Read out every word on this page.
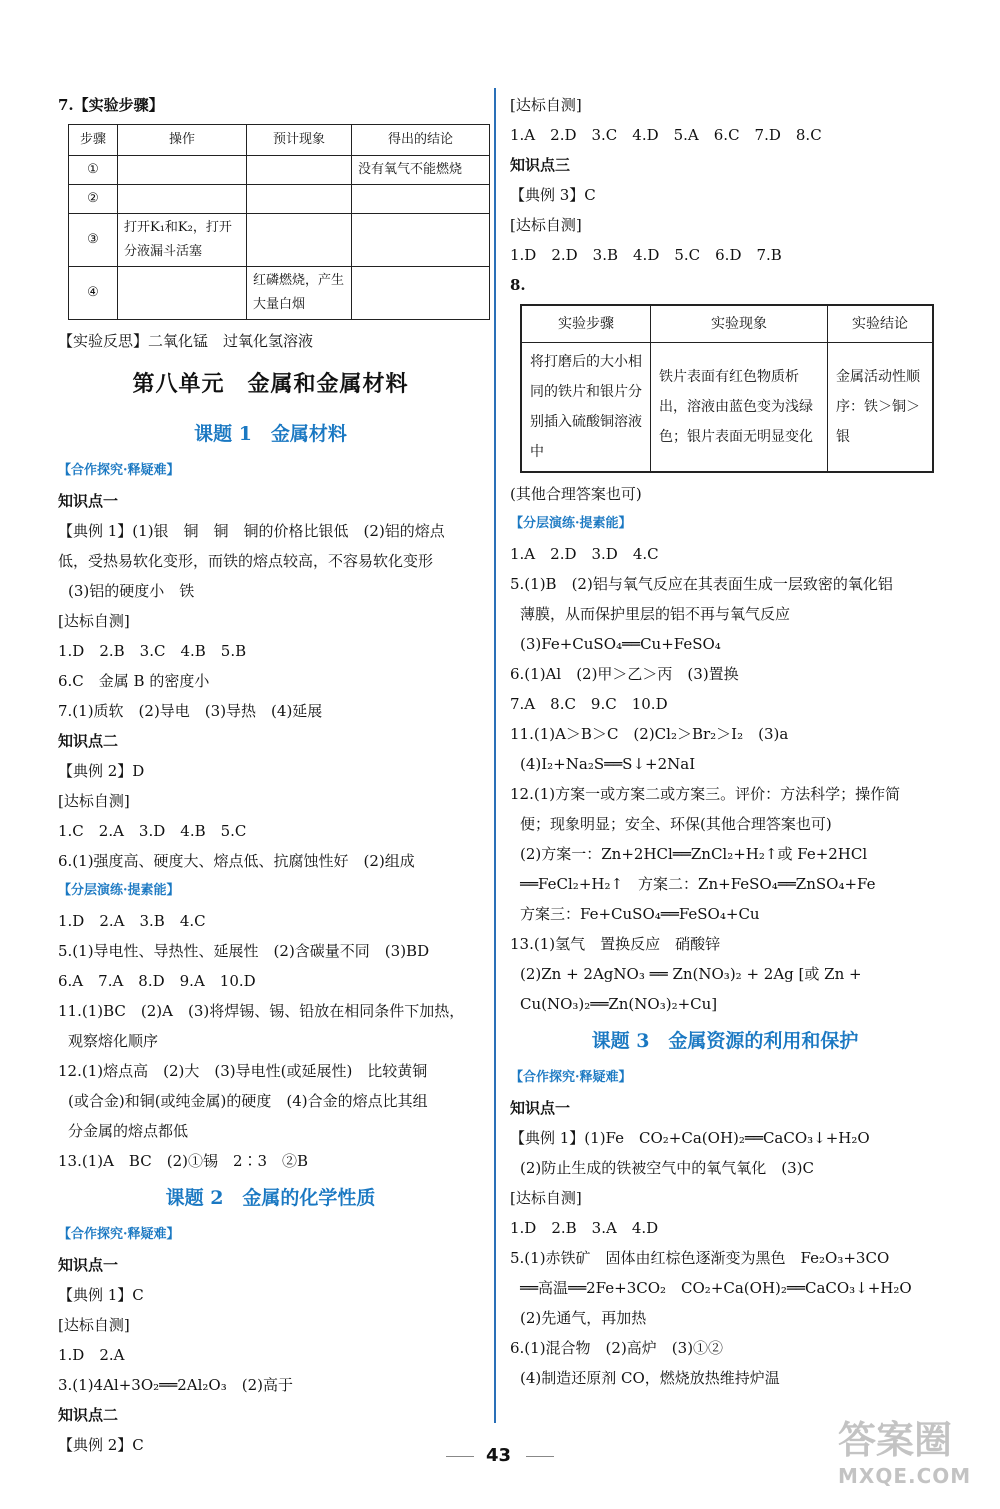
7.【实验步骤】
步骤	操作	预计现象	得出的结论
①			没有氧气不能燃烧
②			
③	打开K₁和K₂，打开分液漏斗活塞		
④		红磷燃烧，产生大量白烟	
【实验反思】二氧化锰　过氧化氢溶液
第八单元　金属和金属材料
课题 1　金属材料
【合作探究·释疑难】
知识点一
【典例 1】(1)银　铜　铜　铜的价格比银低　(2)铝的熔点
低，受热易软化变形，而铁的熔点较高，不容易软化变形
(3)铝的硬度小　铁
[达标自测]
1.D　2.B　3.C　4.B　5.B
6.C　金属 B 的密度小
7.(1)质软　(2)导电　(3)导热　(4)延展
知识点二
【典例 2】D
[达标自测]
1.C　2.A　3.D　4.B　5.C
6.(1)强度高、硬度大、熔点低、抗腐蚀性好　(2)组成
【分层演练·提素能】
1.D　2.A　3.B　4.C
5.(1)导电性、导热性、延展性　(2)含碳量不同　(3)BD
6.A　7.A　8.D　9.A　10.D
11.(1)BC　(2)A　(3)将焊锡、锡、铅放在相同条件下加热，
观察熔化顺序
12.(1)熔点高　(2)大　(3)导电性(或延展性)　比较黄铜
(或合金)和铜(或纯金属)的硬度　(4)合金的熔点比其组
分金属的熔点都低
13.(1)A　BC　(2)①锡　2∶3　②B
课题 2　金属的化学性质
【合作探究·释疑难】
知识点一
【典例 1】C
[达标自测]
1.D　2.A
3.(1)4Al+3O₂══2Al₂O₃　(2)高于
知识点二
【典例 2】C
[达标自测]
1.A　2.D　3.C　4.D　5.A　6.C　7.D　8.C
知识点三
【典例 3】C
[达标自测]
1.D　2.D　3.B　4.D　5.C　6.D　7.B
8.
实验步骤	实验现象	实验结论
将打磨后的大小相同的铁片和银片分别插入硫酸铜溶液中	铁片表面有红色物质析出，溶液由蓝色变为浅绿色；银片表面无明显变化	金属活动性顺序：铁＞铜＞银
(其他合理答案也可)
【分层演练·提素能】
1.A　2.D　3.D　4.C
5.(1)B　(2)铝与氧气反应在其表面生成一层致密的氧化铝
薄膜，从而保护里层的铝不再与氧气反应
(3)Fe+CuSO₄══Cu+FeSO₄
6.(1)Al　(2)甲＞乙＞丙　(3)置换
7.A　8.C　9.C　10.D
11.(1)A＞B＞C　(2)Cl₂＞Br₂＞I₂　(3)a
(4)I₂+Na₂S══S↓+2NaI
12.(1)方案一或方案二或方案三。评价：方法科学；操作简
便；现象明显；安全、环保(其他合理答案也可)
(2)方案一：Zn+2HCl══ZnCl₂+H₂↑或 Fe+2HCl
══FeCl₂+H₂↑　方案二：Zn+FeSO₄══ZnSO₄+Fe
方案三：Fe+CuSO₄══FeSO₄+Cu
13.(1)氢气　置换反应　硝酸锌
(2)Zn + 2AgNO₃ ══ Zn(NO₃)₂ + 2Ag [或 Zn +
Cu(NO₃)₂══Zn(NO₃)₂+Cu]
课题 3　金属资源的利用和保护
【合作探究·释疑难】
知识点一
【典例 1】(1)Fe　CO₂+Ca(OH)₂══CaCO₃↓+H₂O
(2)防止生成的铁被空气中的氧气氧化　(3)C
[达标自测]
1.D　2.B　3.A　4.D
5.(1)赤铁矿　固体由红棕色逐渐变为黑色　Fe₂O₃+3CO
══高温══2Fe+3CO₂　CO₂+Ca(OH)₂══CaCO₃↓+H₂O
(2)先通气，再加热
6.(1)混合物　(2)高炉　(3)①②
(4)制造还原剂 CO，燃烧放热维持炉温
43	答案圈
MXQE.COM
